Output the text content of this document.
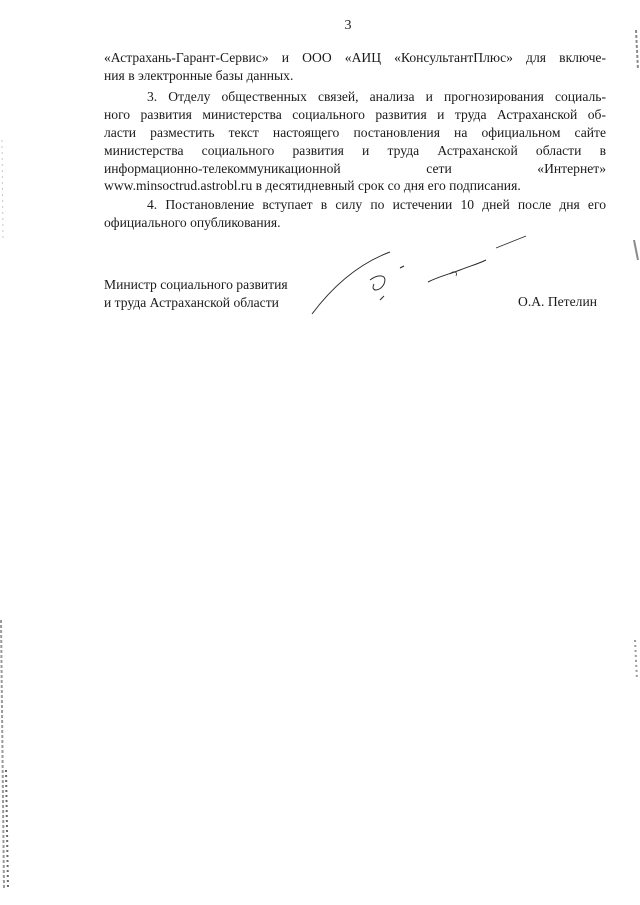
3
«Астрахань-Гарант-Сервис» и ООО «АИЦ «КонсультантПлюс» для включе-
ния в электронные базы данных.
3. Отделу общественных связей, анализа и прогнозирования социаль-
ного развития министерства социального развития и труда Астраханской об-
ласти разместить текст настоящего постановления на официальном сайте
министерства социального развития и труда Астраханской области в
информационно-телекоммуникационной сети «Интернет»
www.minsoctrud.astrobl.ru в десятидневный срок со дня его подписания.
4. Постановление вступает в силу по истечении 10 дней после дня его
официального опубликования.
Министр социального развития
и труда Астраханской области	О.А. Петелин
